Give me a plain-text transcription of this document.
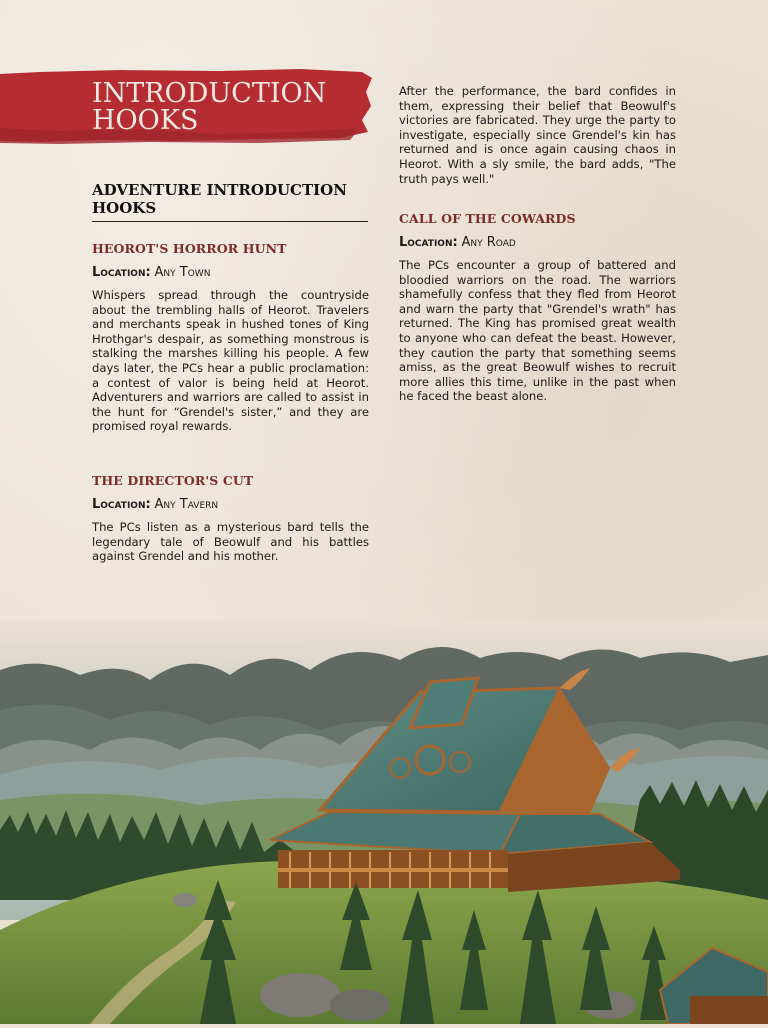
INTRODUCTION
HOOKS
ADVENTURE INTRODUCTION
HOOKS
HEOROT'S HORROR HUNT
Location: Any Town
Whispers spread through the countryside about the trembling halls of Heorot. Travelers and merchants speak in hushed tones of King Hrothgar's despair, as something monstrous is stalking the marshes killing his people. A few days later, the PCs hear a public proclamation: a contest of valor is being held at Heorot. Adventurers and warriors are called to assist in the hunt for “Grendel's sister,” and they are promised royal rewards.
THE DIRECTOR'S CUT
Location: Any Tavern
The PCs listen as a mysterious bard tells the legendary tale of Beowulf and his battles against Grendel and his mother.
After the performance, the bard confides in them, expressing their belief that Beowulf's victories are fabricated. They urge the party to investigate, especially since Grendel's kin has returned and is once again causing chaos in Heorot. With a sly smile, the bard adds, "The truth pays well."
CALL OF THE COWARDS
Location: Any Road
The PCs encounter a group of battered and bloodied warriors on the road. The warriors shamefully confess that they fled from Heorot and warn the party that "Grendel's wrath" has returned. The King has promised great wealth to anyone who can defeat the beast. However, they caution the party that something seems amiss, as the great Beowulf wishes to recruit more allies this time, unlike in the past when he faced the beast alone.
